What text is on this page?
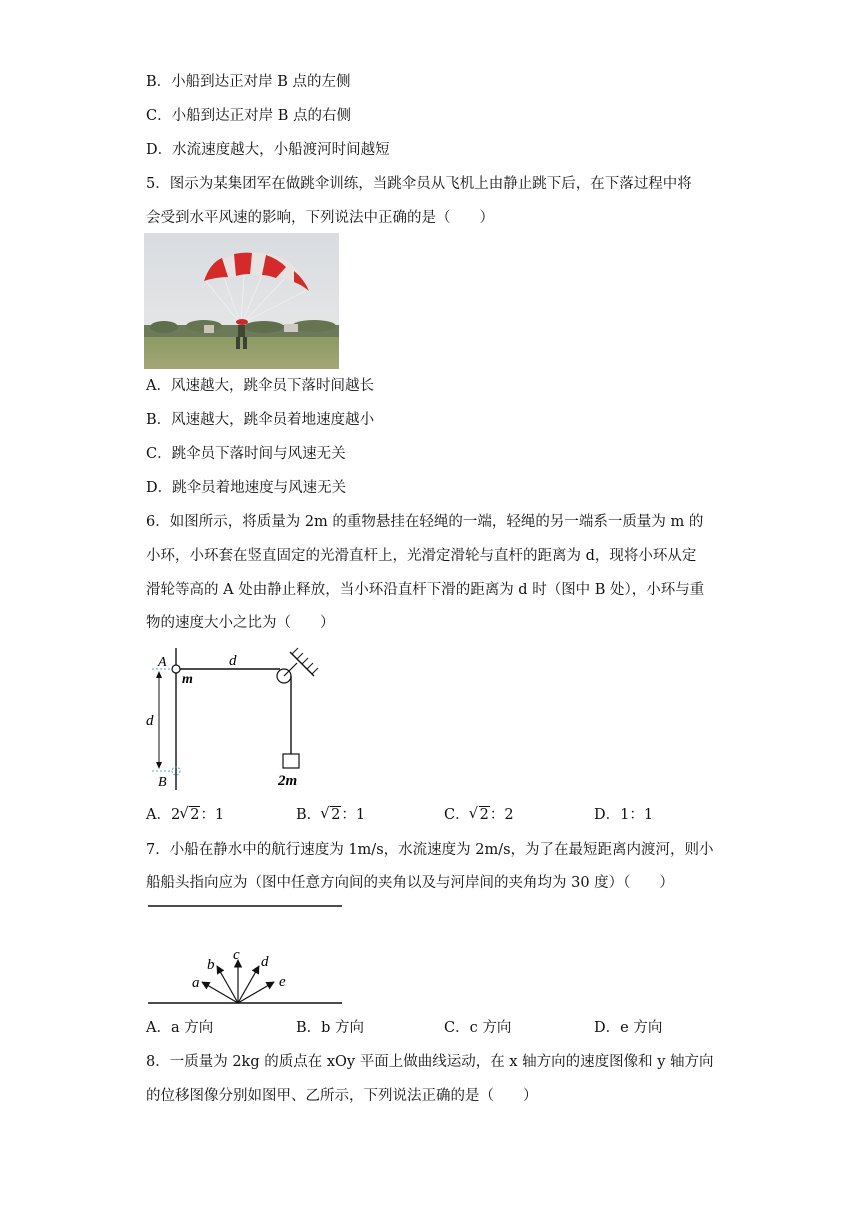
B．小船到达正对岸 B 点的左侧
C．小船到达正对岸 B 点的右侧
D．水流速度越大，小船渡河时间越短
5．图示为某集团军在做跳伞训练，当跳伞员从飞机上由静止跳下后，在下落过程中将
会受到水平风速的影响，下列说法中正确的是（　　）
A．风速越大，跳伞员下落时间越长
B．风速越大，跳伞员着地速度越小
C．跳伞员下落时间与风速无关
D．跳伞员着地速度与风速无关
6．如图所示，将质量为 2m 的重物悬挂在轻绳的一端，轻绳的另一端系一质量为 m 的
小环，小环套在竖直固定的光滑直杆上，光滑定滑轮与直杆的距离为 d，现将小环从定
滑轮等高的 A 处由静止释放，当小环沿直杆下滑的距离为 d 时（图中 B 处），小环与重
物的速度大小之比为（　　）
A
B
d
d
m
2m
A．2 √ 2：1	B． √ 2：1	C． √ 2：2	D．1：1
7．小船在静水中的航行速度为 1m/s，水流速度为 2m/s，为了在最短距离内渡河，则小
船船头指向应为（图中任意方向间的夹角以及与河岸间的夹角均为 30 度）（　　）
a
b
c d
e
A．a 方向	B．b 方向	C．c 方向	D．e 方向
8．一质量为 2kg 的质点在 xOy 平面上做曲线运动，在 x 轴方向的速度图像和 y 轴方向
的位移图像分别如图甲、乙所示，下列说法正确的是（　　）
